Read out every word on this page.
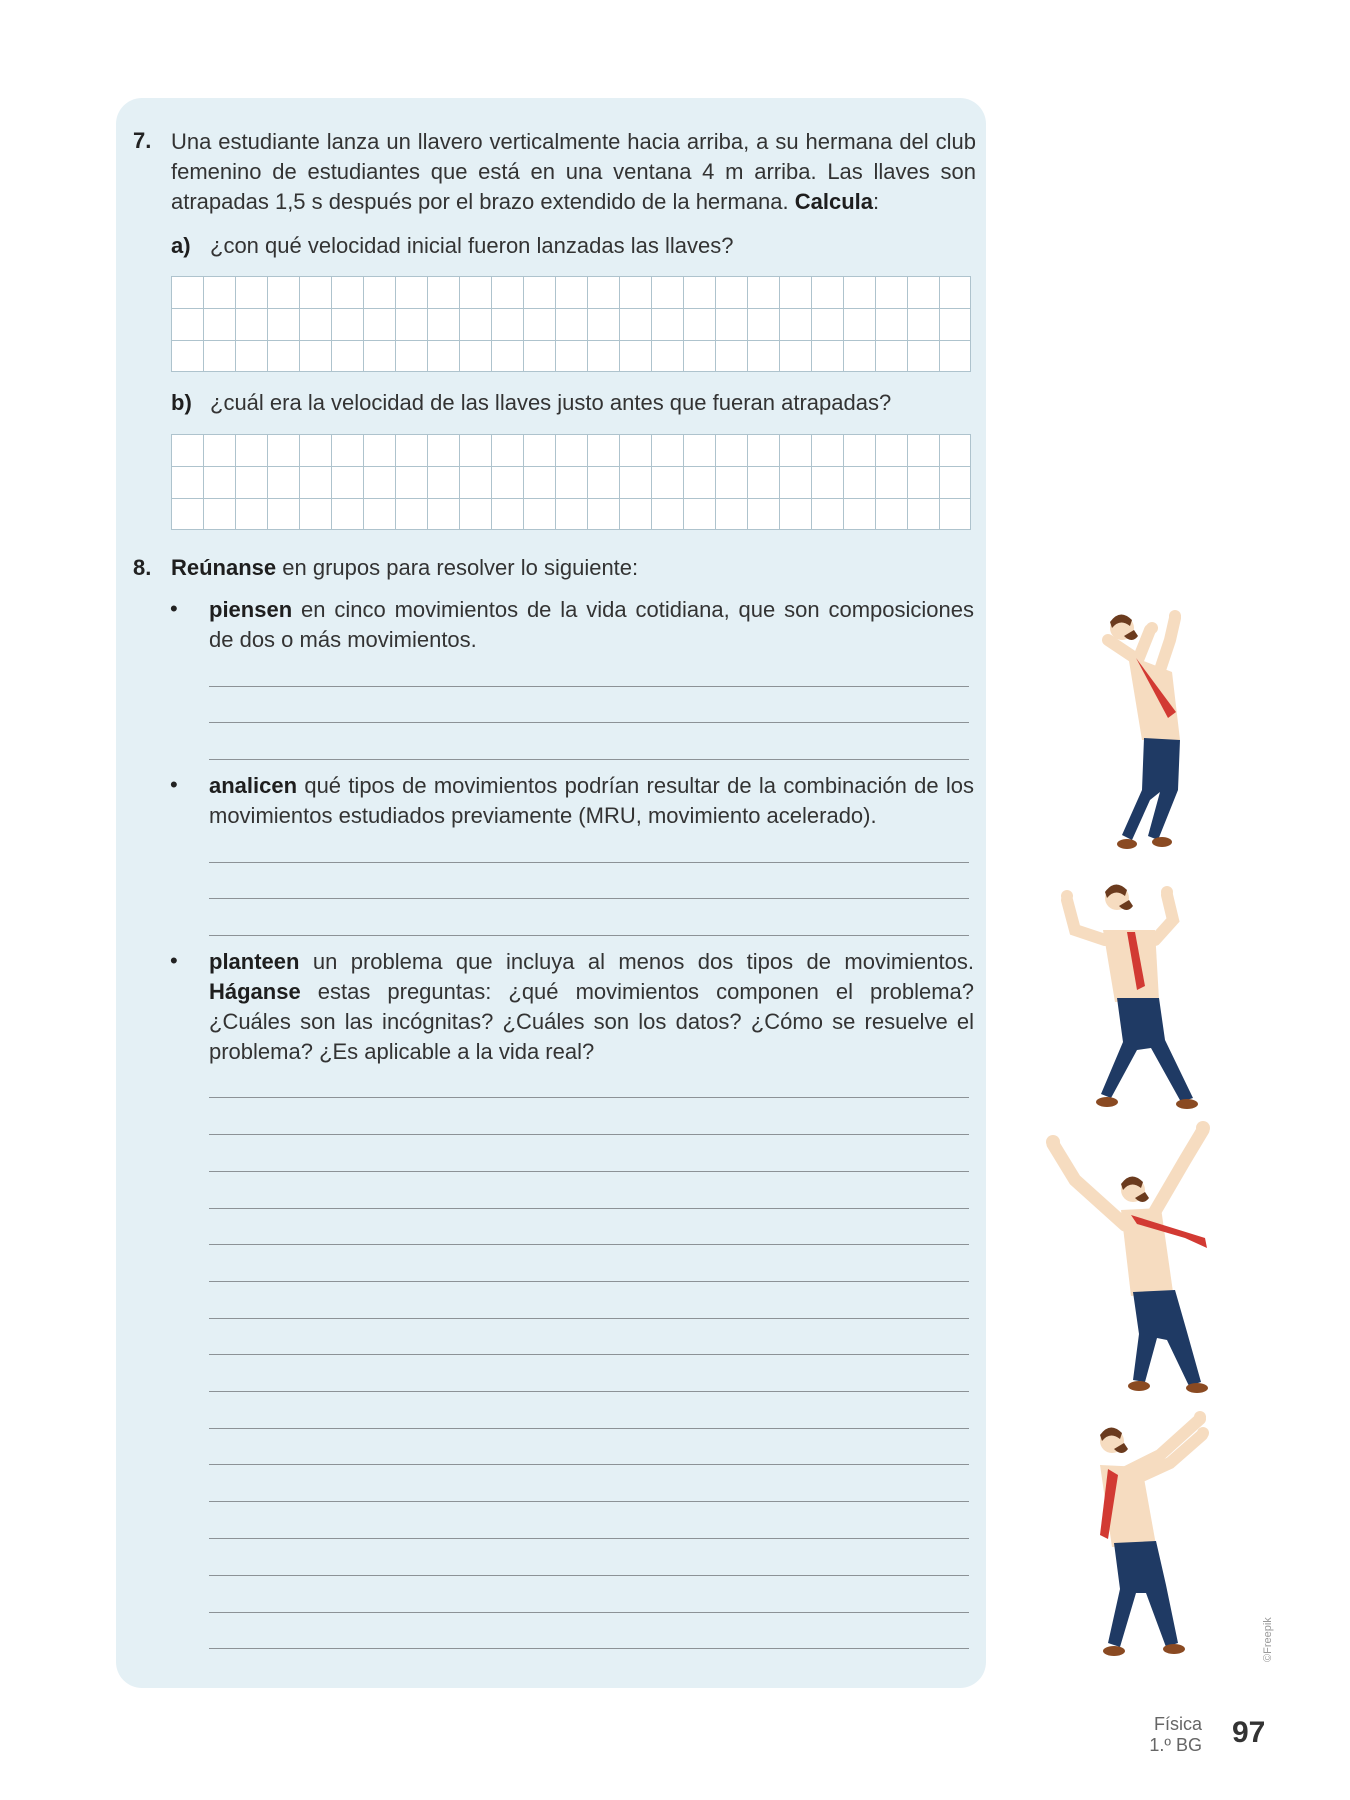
7. Una estudiante lanza un llavero verticalmente hacia arriba, a su hermana del club femenino de estudiantes que está en una ventana 4 m arriba. Las llaves son atrapadas 1,5 s después por el brazo extendido de la hermana. Calcula:
a) ¿con qué velocidad inicial fueron lanzadas las llaves?
b) ¿cuál era la velocidad de las llaves justo antes que fueran atrapadas?
8. Reúnanse en grupos para resolver lo siguiente:
• piensen en cinco movimientos de la vida cotidiana, que son composiciones de dos o más movimientos.
• analicen qué tipos de movimientos podrían resultar de la combinación de los movimientos estudiados previamente (MRU, movimiento acelerado).
• planteen un problema que incluya al menos dos tipos de movimientos. Háganse estas preguntas: ¿qué movimientos componen el problema? ¿Cuáles son las incógnitas? ¿Cuáles son los datos? ¿Cómo se resuelve el problema? ¿Es aplicable a la vida real?
©Freepik
Física
1.º BG 97
